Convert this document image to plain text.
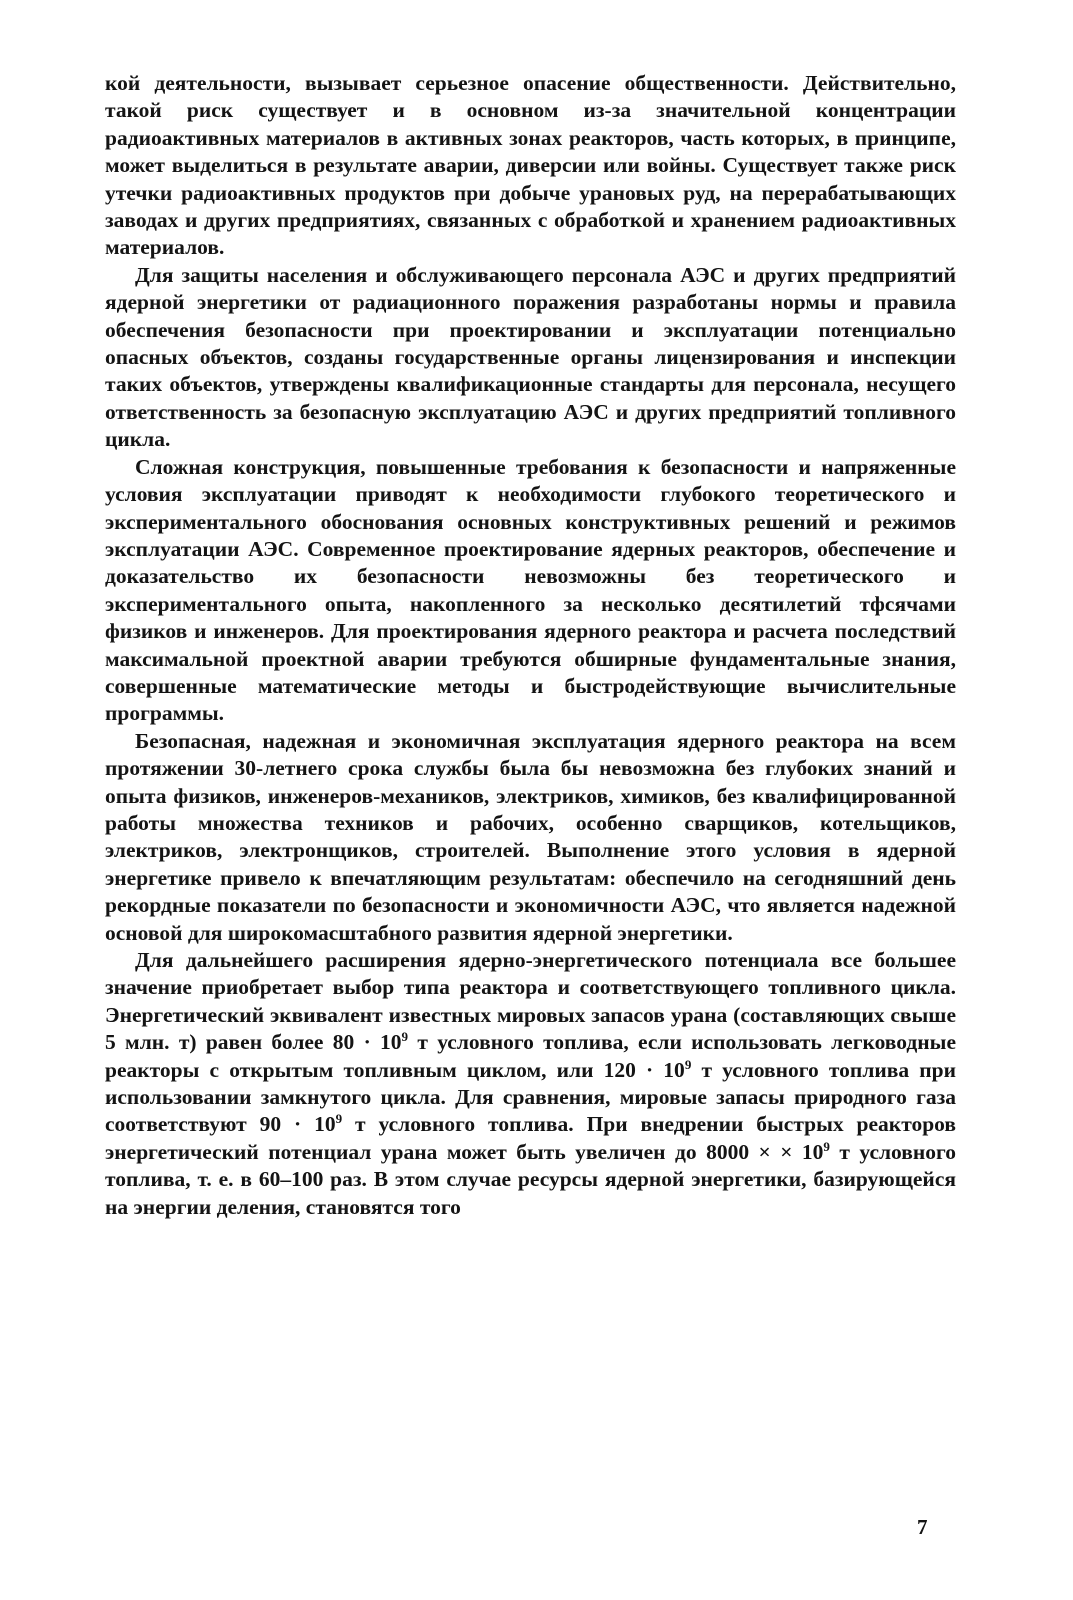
кой деятельности, вызывает серьезное опасение общественности. Действительно, такой риск существует и в основном из-за значительной концентрации радиоактивных материалов в активных зонах реакторов, часть которых, в принципе, может выделиться в результате аварии, диверсии или войны. Существует также риск утечки радиоактивных продуктов при добыче урановых руд, на перерабатывающих заводах и других предприятиях, связанных с обработкой и хранением радиоактивных материалов.

Для защиты населения и обслуживающего персонала АЭС и других предприятий ядерной энергетики от радиационного поражения разработаны нормы и правила обеспечения безопасности при проектировании и эксплуатации потенциально опасных объектов, созданы государственные органы лицензирования и инспекции таких объектов, утверждены квалификационные стандарты для персонала, несущего ответственность за безопасную эксплуатацию АЭС и других предприятий топливного цикла.

Сложная конструкция, повышенные требования к безопасности и напряженные условия эксплуатации приводят к необходимости глубокого теоретического и экспериментального обоснования основных конструктивных решений и режимов эксплуатации АЭС. Современное проектирование ядерных реакторов, обеспечение и доказательство их безопасности невозможны без теоретического и экспериментального опыта, накопленного за несколько десятилетий тфсячами физиков и инженеров. Для проектирования ядерного реактора и расчета последствий максимальной проектной аварии требуются обширные фундаментальные знания, совершенные математические методы и быстродействующие вычислительные программы.

Безопасная, надежная и экономичная эксплуатация ядерного реактора на всем протяжении 30-летнего срока службы была бы невозможна без глубоких знаний и опыта физиков, инженеров-механиков, электриков, химиков, без квалифицированной работы множества техников и рабочих, особенно сварщиков, котельщиков, электриков, электронщиков, строителей. Выполнение этого условия в ядерной энергетике привело к впечатляющим результатам: обеспечило на сегодняшний день рекордные показатели по безопасности и экономичности АЭС, что является надежной основой для широкомасштабного развития ядерной энергетики.

Для дальнейшего расширения ядерно-энергетического потенциала все большее значение приобретает выбор типа реактора и соответствующего топливного цикла. Энергетический эквивалент известных мировых запасов урана (составляющих свыше 5 млн. т) равен более $80 \cdot 10^9$ т условного топлива, если использовать легководные реакторы с открытым топливным циклом, или $120 \cdot 10^9$ т условного топлива при использовании замкнутого цикла. Для сравнения, мировые запасы природного газа соответствуют $90 \cdot 10^9$ т условного топлива. При внедрении быстрых реакторов энергетический потенциал урана может быть увеличен до 8000 × × $10^9$ т условного топлива, т. е. в 60–100 раз. В этом случае ресурсы ядерной энергетики, базирующейся на энергии деления, становятся того

7
